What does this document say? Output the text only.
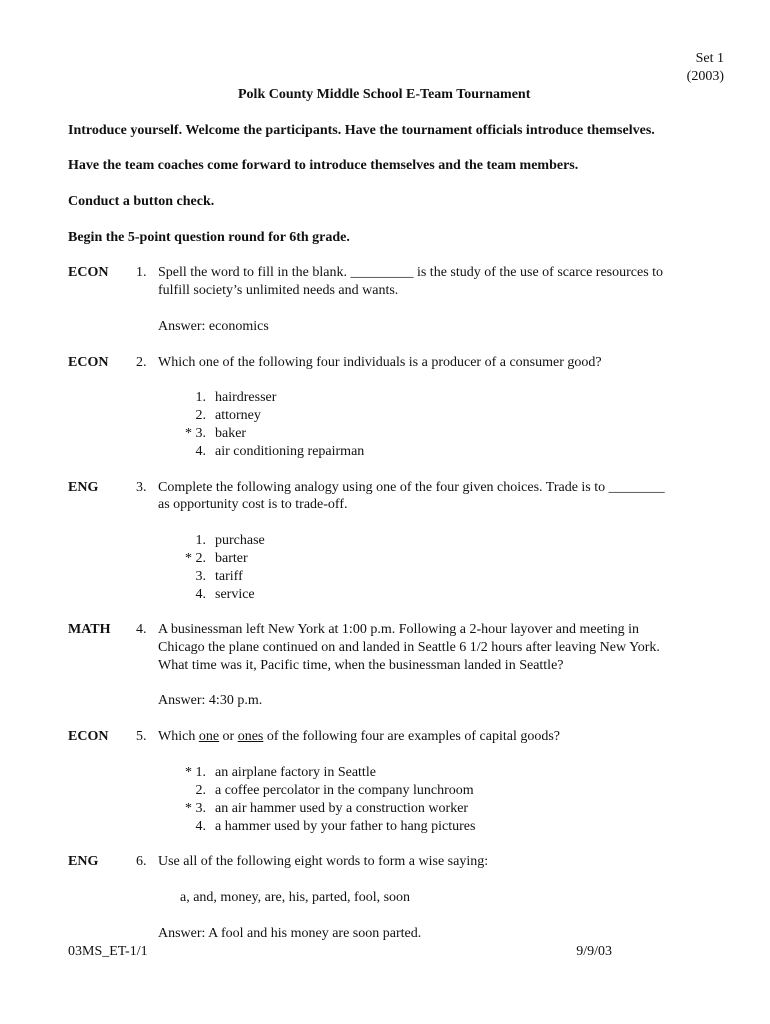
Set 1
(2003)
Polk County Middle School E-Team Tournament
Introduce yourself. Welcome the participants. Have the tournament officials introduce themselves.
Have the team coaches come forward to introduce themselves and the team members.
Conduct a button check.
Begin the 5-point question round for 6th grade.
ECON 1. Spell the word to fill in the blank. _________ is the study of the use of scarce resources to
fulfill society’s unlimited needs and wants.
Answer: economics
ECON 2. Which one of the following four individuals is a producer of a consumer good?
1. hairdresser
2. attorney
* 3. baker
4. air conditioning repairman
ENG	3. Complete the following analogy using one of the four given choices. Trade is to ________
as opportunity cost is to trade-off.
1. purchase
* 2. barter
3. tariff
4. service
MATH 4. A businessman left New York at 1:00 p.m. Following a 2-hour layover and meeting in
Chicago the plane continued on and landed in Seattle 6 1/2 hours after leaving New York.
What time was it, Pacific time, when the businessman landed in Seattle?
Answer: 4:30 p.m.
ECON 5. Which one or ones of the following four are examples of capital goods?
* 1. an airplane factory in Seattle
2. a coffee percolator in the company lunchroom
* 3. an air hammer used by a construction worker
4. a hammer used by your father to hang pictures
ENG	6. Use all of the following eight words to form a wise saying:
a, and, money, are, his, parted, fool, soon
Answer: A fool and his money are soon parted.
03MS_ET-1/1	9/9/03
